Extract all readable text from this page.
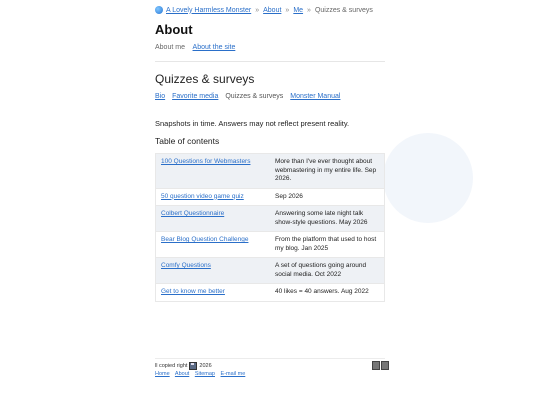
A Lovely Harmless Monster » About » Me » Quizzes & surveys
About
About me About the site
Quizzes & surveys
Bio Favorite media Quizzes & surveys Monster Manual
Snapshots in time. Answers may not reflect present reality.
Table of contents
100 Questions for Webmasters	More than I've ever thought about webmastering in my entire life. Sep 2026.
50 question video game quiz	Sep 2026
Colbert Questionnaire	Answering some late night talk show-style questions. May 2026
Bear Blog Question Challenge	From the platform that used to host my blog. Jan 2025
Comfy Questions	A set of questions going around social media. Oct 2022
Get to know me better	40 likes = 40 answers. Aug 2022
ll copied right 2026
Home About Sitemap E-mail me
